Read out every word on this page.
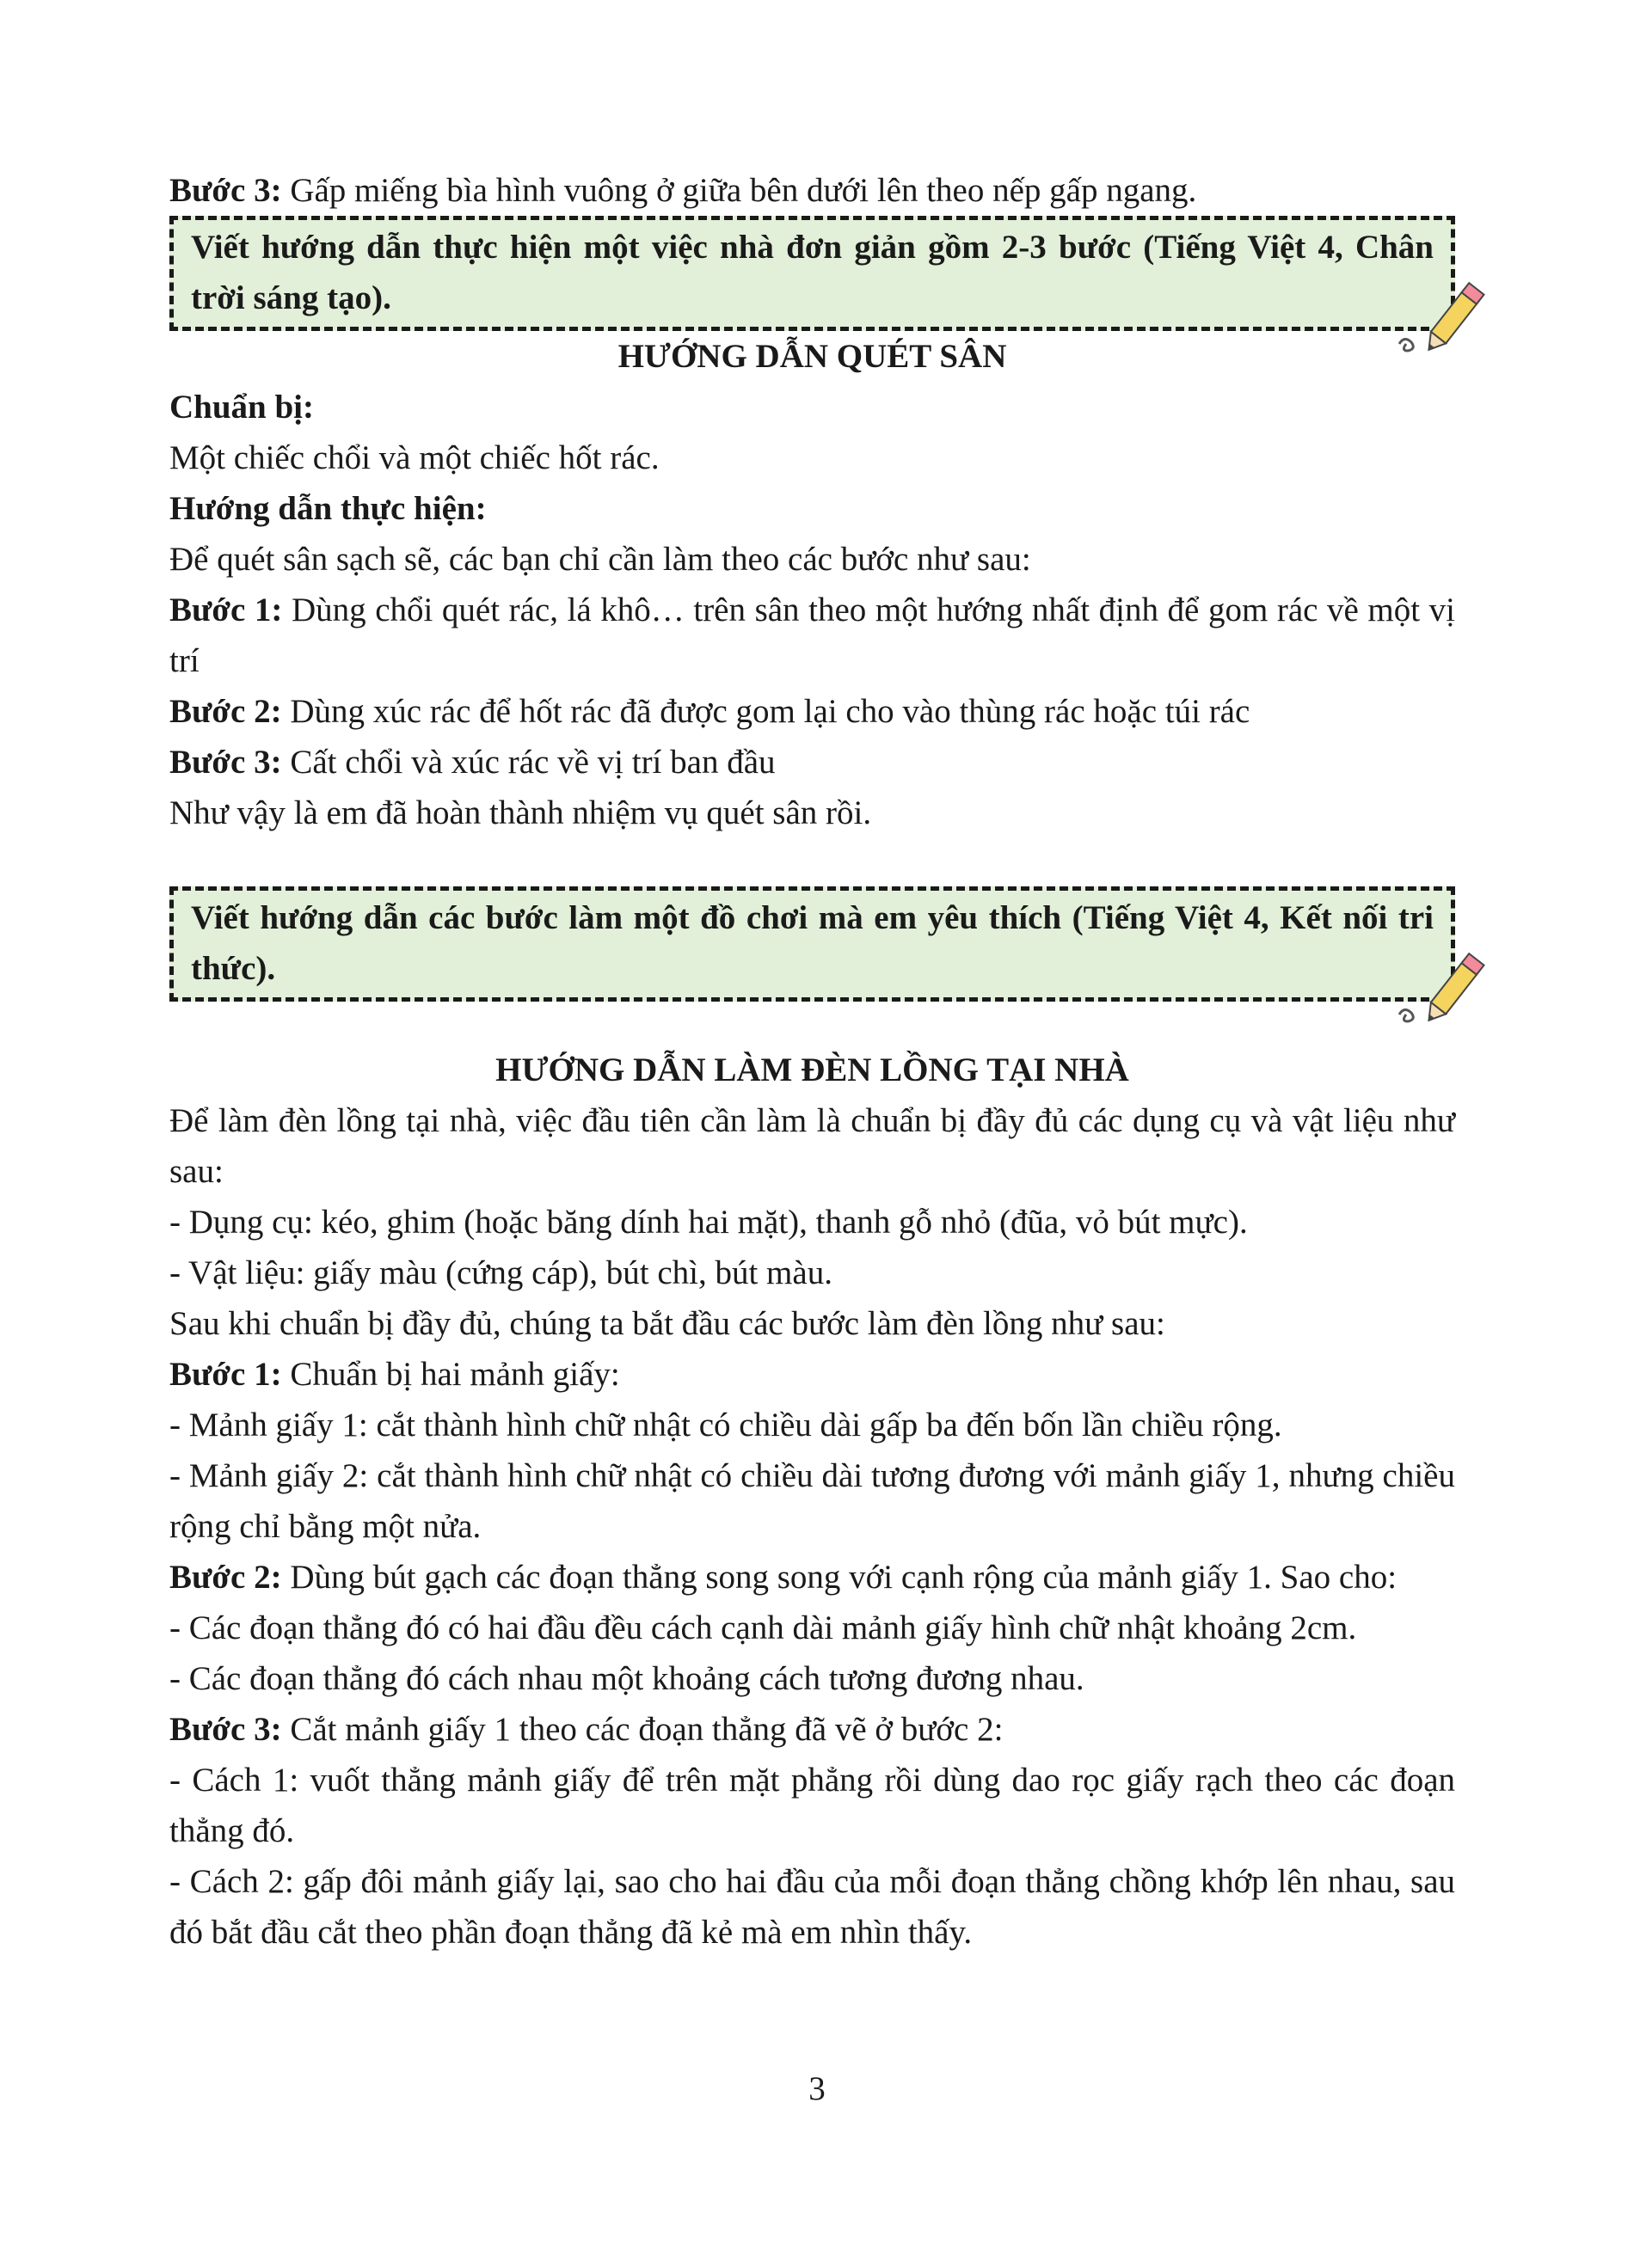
Bước 3: Gấp miếng bìa hình vuông ở giữa bên dưới lên theo nếp gấp ngang.

Viết hướng dẫn thực hiện một việc nhà đơn giản gồm 2-3 bước (Tiếng Việt 4, Chân trời sáng tạo).

HƯỚNG DẪN QUÉT SÂN

Chuẩn bị:

Một chiếc chổi và một chiếc hốt rác.

Hướng dẫn thực hiện:

Để quét sân sạch sẽ, các bạn chỉ cần làm theo các bước như sau:

Bước 1: Dùng chổi quét rác, lá khô… trên sân theo một hướng nhất định để gom rác về một vị trí

Bước 2: Dùng xúc rác để hốt rác đã được gom lại cho vào thùng rác hoặc túi rác

Bước 3: Cất chổi và xúc rác về vị trí ban đầu

Như vậy là em đã hoàn thành nhiệm vụ quét sân rồi.

Viết hướng dẫn các bước làm một đồ chơi mà em yêu thích (Tiếng Việt 4, Kết nối tri thức).

HƯỚNG DẪN LÀM ĐÈN LỒNG TẠI NHÀ

Để làm đèn lồng tại nhà, việc đầu tiên cần làm là chuẩn bị đầy đủ các dụng cụ và vật liệu như sau:

- Dụng cụ: kéo, ghim (hoặc băng dính hai mặt), thanh gỗ nhỏ (đũa, vỏ bút mực).

- Vật liệu: giấy màu (cứng cáp), bút chì, bút màu.

Sau khi chuẩn bị đầy đủ, chúng ta bắt đầu các bước làm đèn lồng như sau:

Bước 1: Chuẩn bị hai mảnh giấy:

- Mảnh giấy 1: cắt thành hình chữ nhật có chiều dài gấp ba đến bốn lần chiều rộng.

- Mảnh giấy 2: cắt thành hình chữ nhật có chiều dài tương đương với mảnh giấy 1, nhưng chiều rộng chỉ bằng một nửa.

Bước 2: Dùng bút gạch các đoạn thẳng song song với cạnh rộng của mảnh giấy 1. Sao cho:

- Các đoạn thẳng đó có hai đầu đều cách cạnh dài mảnh giấy hình chữ nhật khoảng 2cm.

- Các đoạn thẳng đó cách nhau một khoảng cách tương đương nhau.

Bước 3: Cắt mảnh giấy 1 theo các đoạn thẳng đã vẽ ở bước 2:

- Cách 1: vuốt thẳng mảnh giấy để trên mặt phẳng rồi dùng dao rọc giấy rạch theo các đoạn thẳng đó.

- Cách 2: gấp đôi mảnh giấy lại, sao cho hai đầu của mỗi đoạn thẳng chồng khớp lên nhau, sau đó bắt đầu cắt theo phần đoạn thẳng đã kẻ mà em nhìn thấy.

3
